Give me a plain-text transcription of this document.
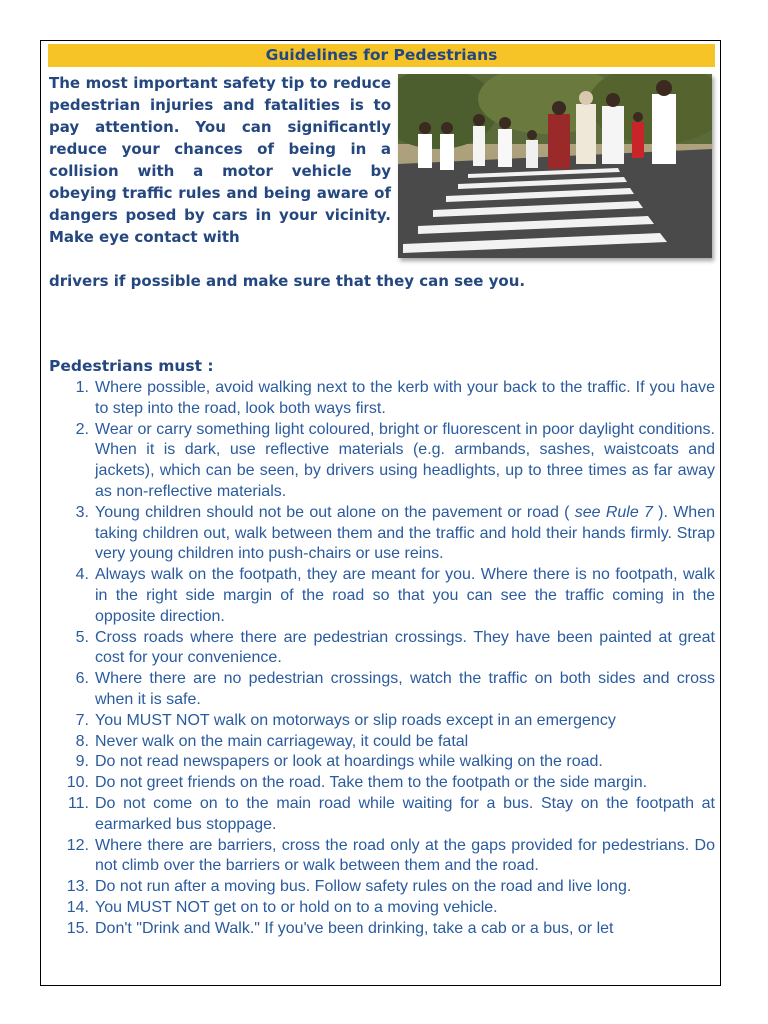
Guidelines for Pedestrians

The most important safety tip to reduce pedestrian injuries and fatalities is to pay attention. You can significantly reduce your chances of being in a collision with a motor vehicle by obeying traffic rules and being aware of dangers posed by cars in your vicinity. Make eye contact with

drivers if possible and make sure that they can see you.

Pedestrians must :
1. Where possible, avoid walking next to the kerb with your back to the traffic. If you have to step into the road, look both ways first.
2. Wear or carry something light coloured, bright or fluorescent in poor daylight conditions. When it is dark, use reflective materials (e.g. armbands, sashes, waistcoats and jackets), which can be seen, by drivers using headlights, up to three times as far away as non-reflective materials.
3. Young children should not be out alone on the pavement or road ( see Rule 7 ). When taking children out, walk between them and the traffic and hold their hands firmly. Strap very young children into push-chairs or use reins.
4. Always walk on the footpath, they are meant for you. Where there is no footpath, walk in the right side margin of the road so that you can see the traffic coming in the opposite direction.
5. Cross roads where there are pedestrian crossings. They have been painted at great cost for your convenience.
6. Where there are no pedestrian crossings, watch the traffic on both sides and cross when it is safe.
7. You MUST NOT walk on motorways or slip roads except in an emergency
8. Never walk on the main carriageway, it could be fatal
9. Do not read newspapers or look at hoardings while walking on the road.
10. Do not greet friends on the road. Take them to the footpath or the side margin.
11. Do not come on to the main road while waiting for a bus. Stay on the footpath at earmarked bus stoppage.
12. Where there are barriers, cross the road only at the gaps provided for pedestrians. Do not climb over the barriers or walk between them and the road.
13. Do not run after a moving bus. Follow safety rules on the road and live long.
14. You MUST NOT get on to or hold on to a moving vehicle.
15. Don't "Drink and Walk." If you've been drinking, take a cab or a bus, or let
